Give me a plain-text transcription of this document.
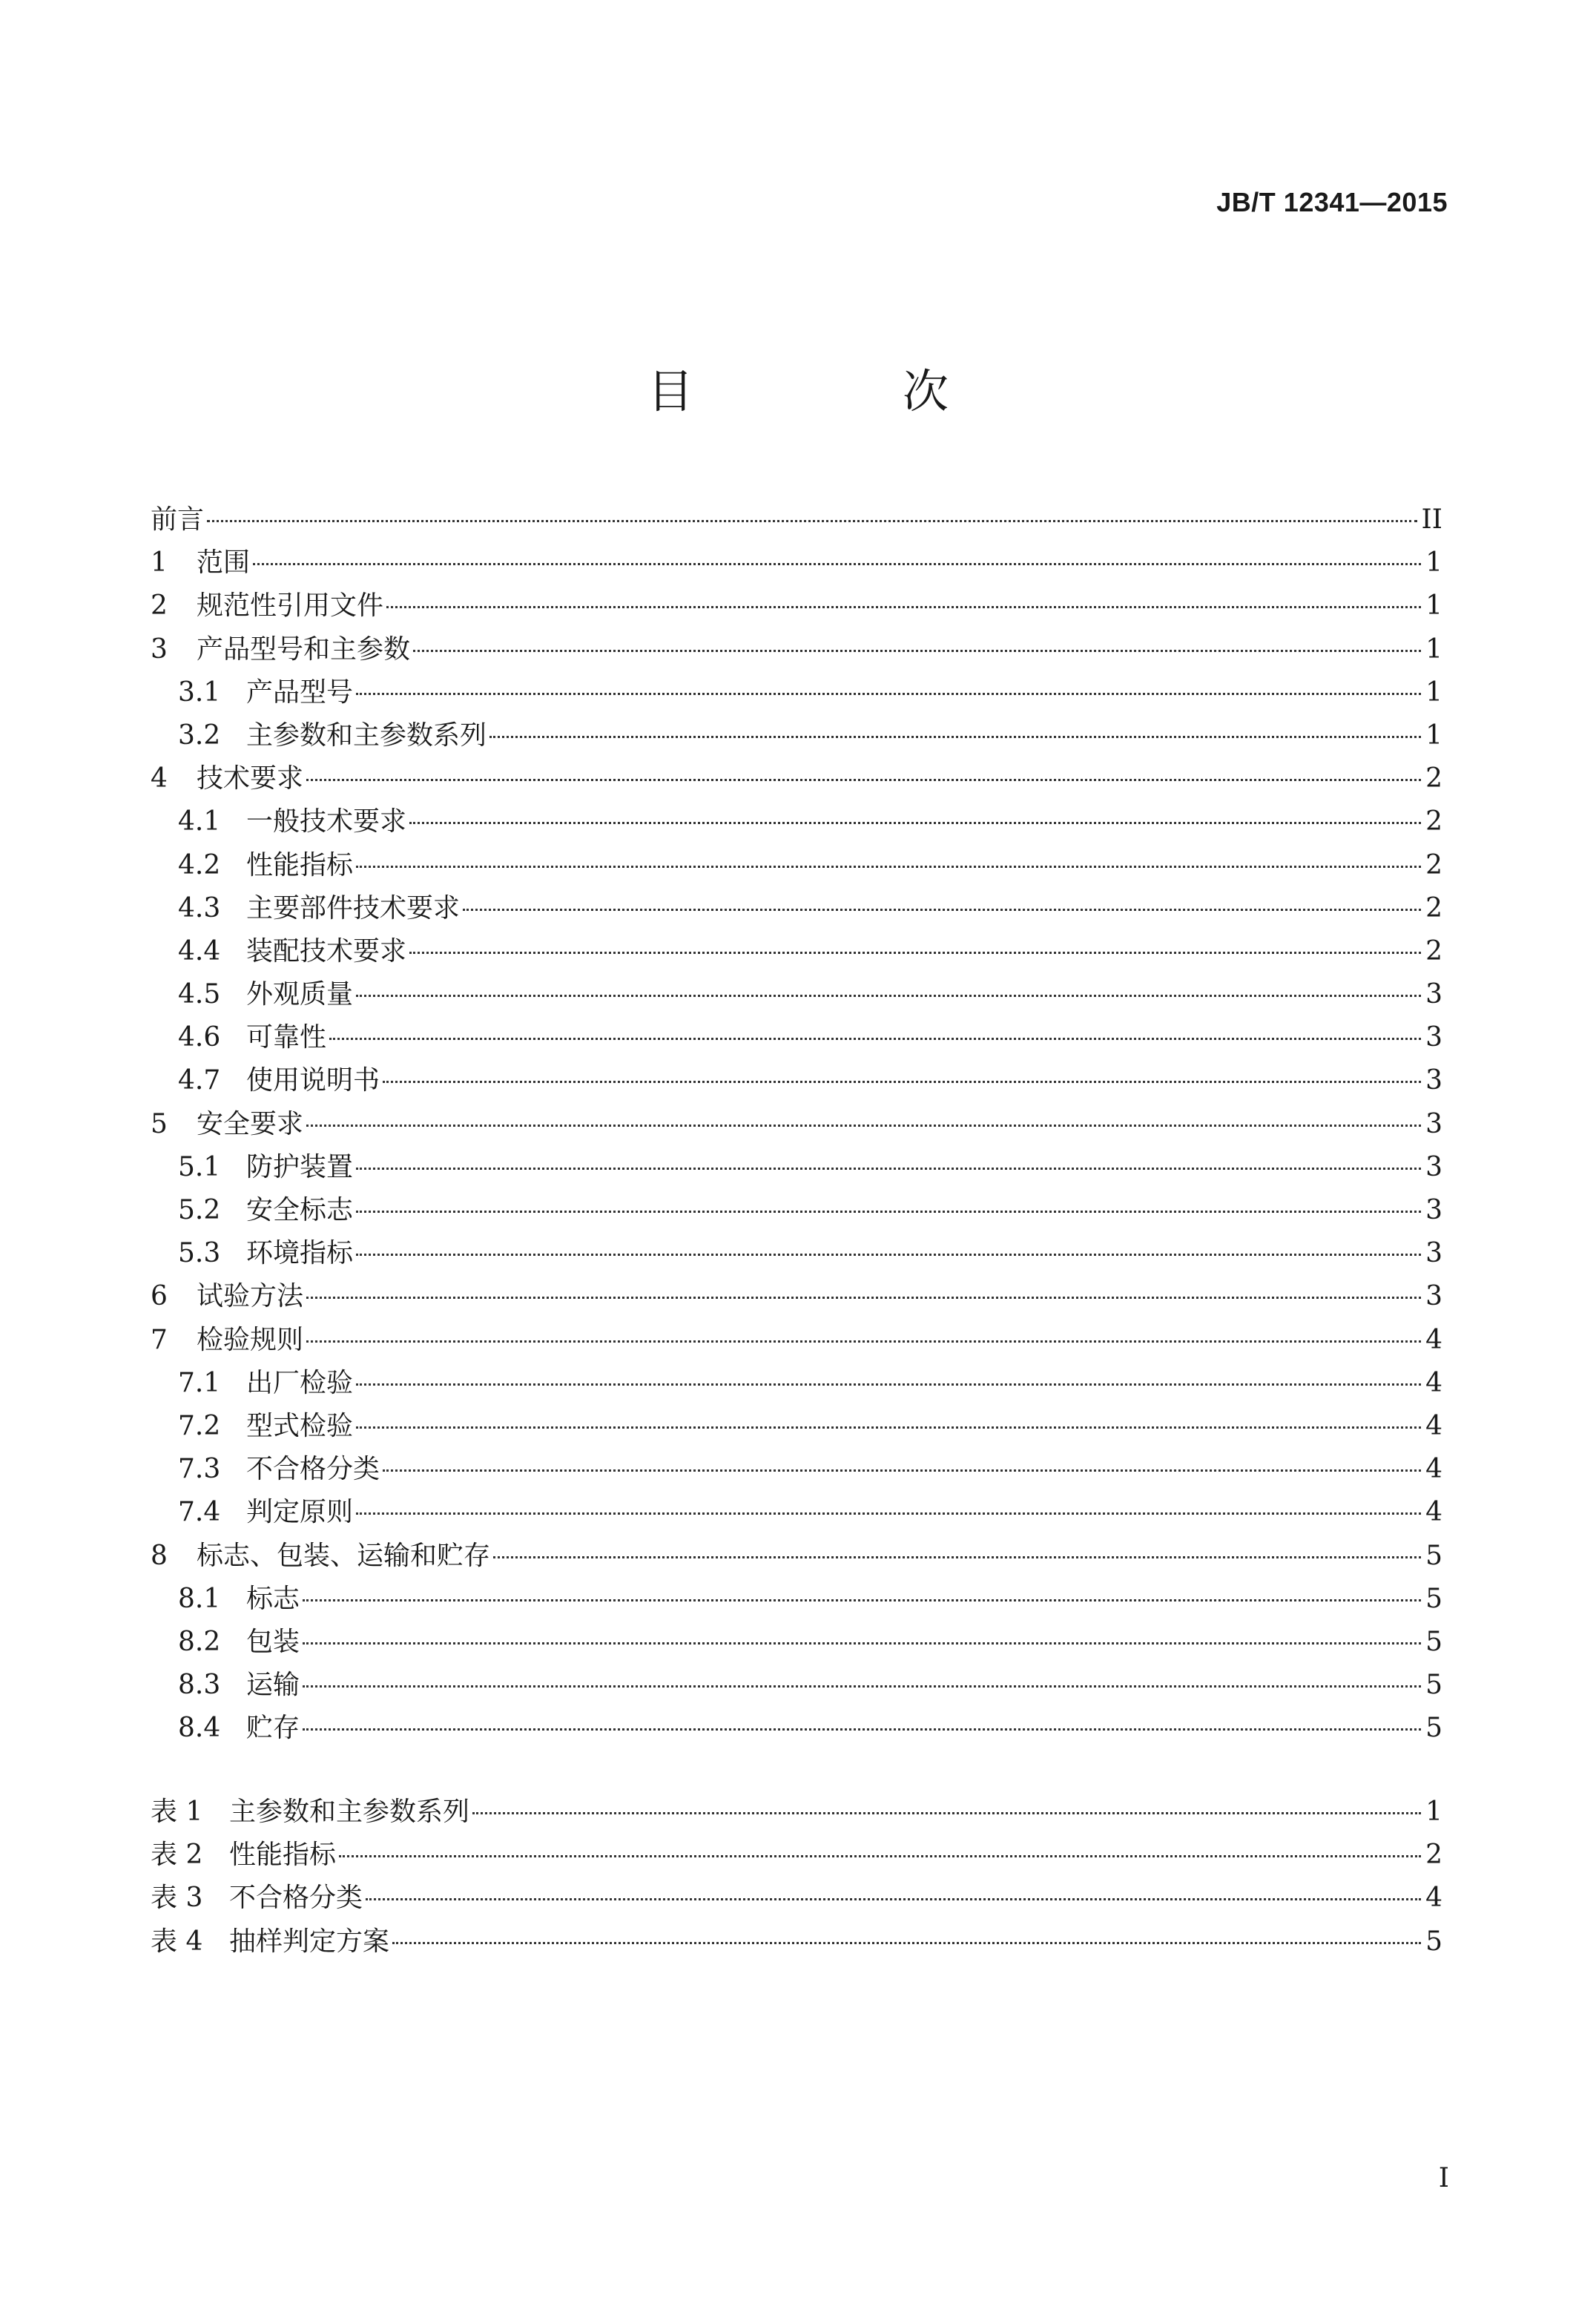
JB/T 12341—2015
目　次
前言	II
1	范围	1
2	规范性引用文件	1
3	产品型号和主参数	1
3.1 产品型号	1
3.2 主参数和主参数系列	1
4	技术要求	2
4.1 一般技术要求	2
4.2 性能指标	2
4.3 主要部件技术要求	2
4.4 装配技术要求	2
4.5 外观质量	3
4.6 可靠性	3
4.7 使用说明书	3
5	安全要求	3
5.1 防护装置	3
5.2 安全标志	3
5.3 环境指标	3
6	试验方法	3
7	检验规则	4
7.1 出厂检验	4
7.2 型式检验	4
7.3 不合格分类	4
7.4 判定原则	4
8	标志、包装、运输和贮存	5
8.1 标志	5
8.2 包装	5
8.3 运输	5
8.4 贮存	5
表 1 主参数和主参数系列	1
表 2 性能指标	2
表 3 不合格分类	4
表 4 抽样判定方案	5
I
